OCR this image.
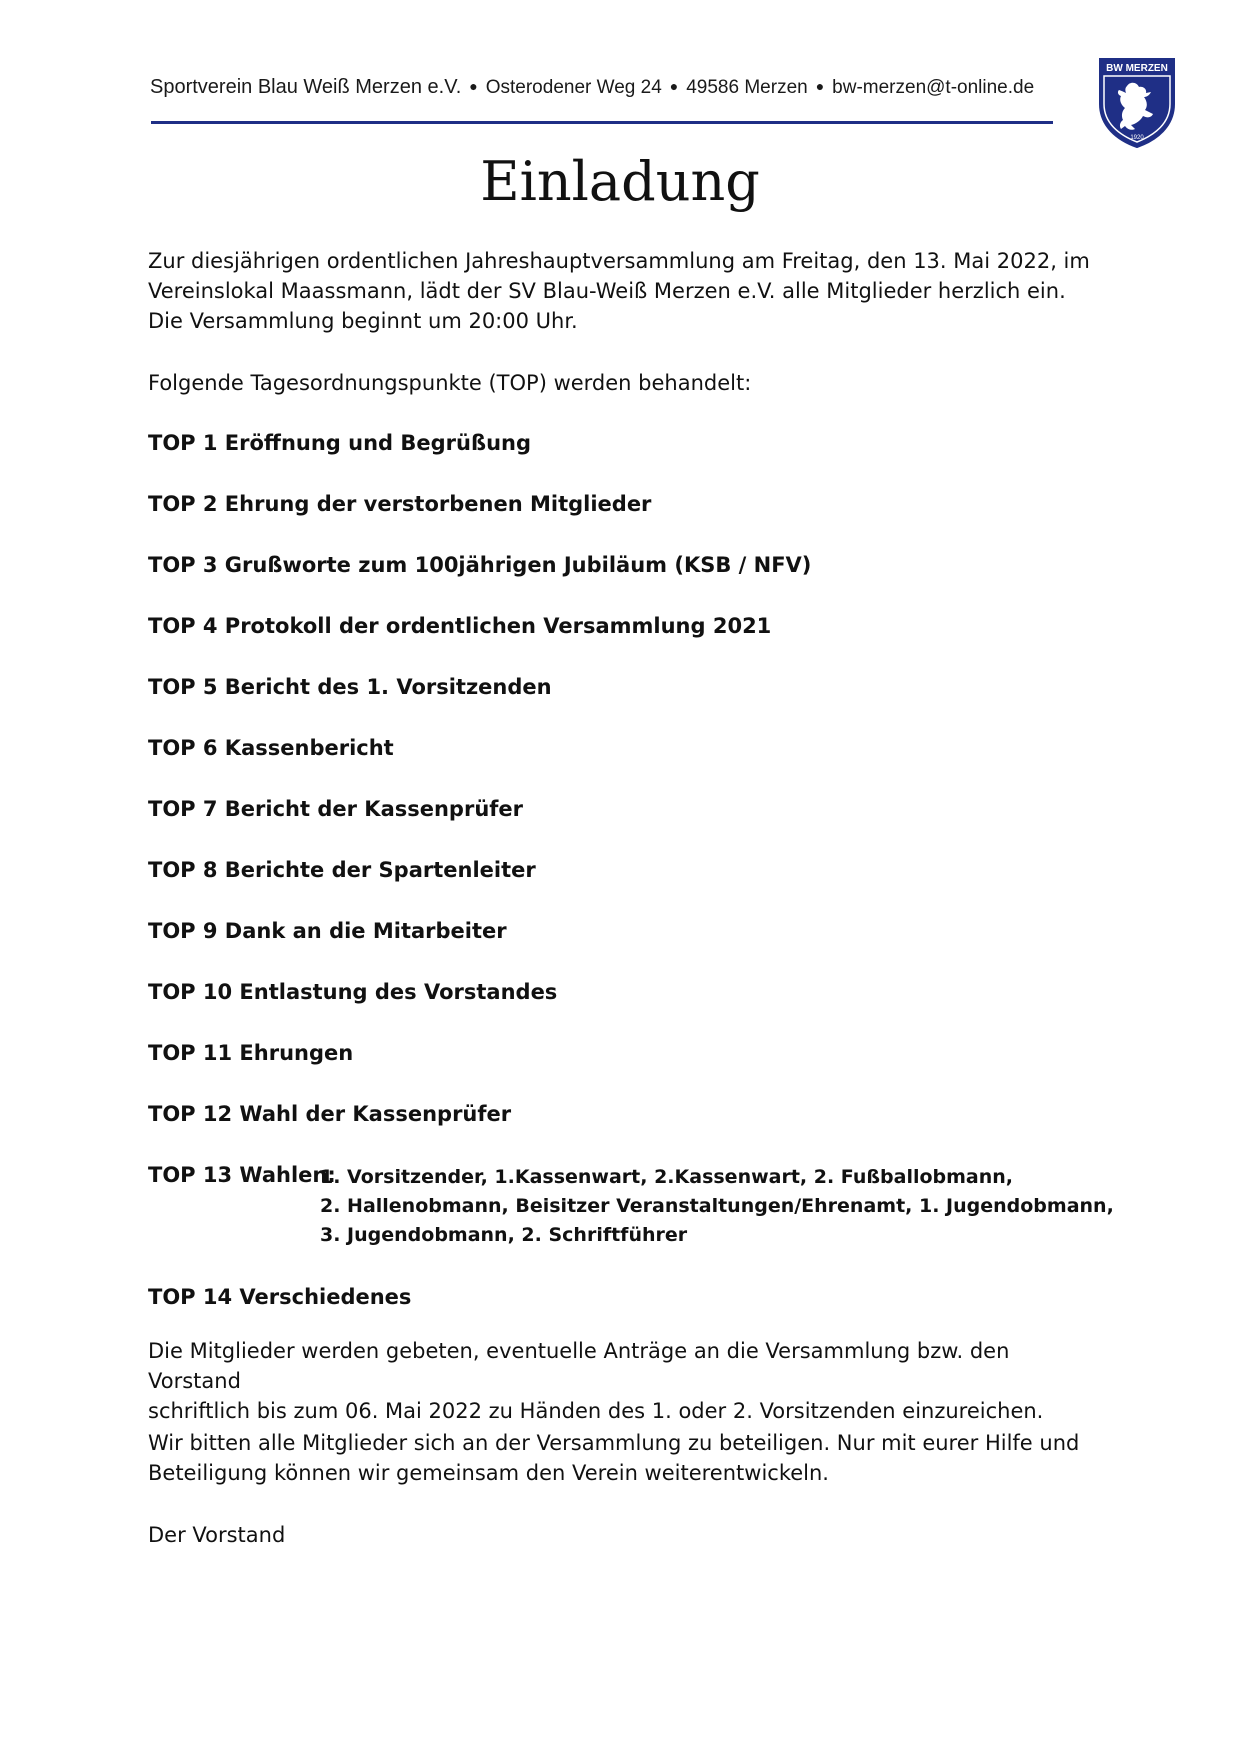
Sportverein Blau Weiß Merzen e.V. ● Osterodener Weg 24 ● 49586 Merzen ● bw-merzen@t-online.de
BW MERZEN
1920
Einladung
Zur diesjährigen ordentlichen Jahreshauptversammlung am Freitag, den 13. Mai 2022, im
Vereinslokal Maassmann, lädt der SV Blau-Weiß Merzen e.V. alle Mitglieder herzlich ein.
Die Versammlung beginnt um 20:00 Uhr.
Folgende Tagesordnungspunkte (TOP) werden behandelt:
TOP 1 Eröffnung und Begrüßung
TOP 2 Ehrung der verstorbenen Mitglieder
TOP 3 Grußworte zum 100jährigen Jubiläum (KSB / NFV)
TOP 4 Protokoll der ordentlichen Versammlung 2021
TOP 5 Bericht des 1. Vorsitzenden
TOP 6 Kassenbericht
TOP 7 Bericht der Kassenprüfer
TOP 8 Berichte der Spartenleiter
TOP 9 Dank an die Mitarbeiter
TOP 10 Entlastung des Vorstandes
TOP 11 Ehrungen
TOP 12 Wahl der Kassenprüfer
TOP 13 Wahlen:
1. Vorsitzender, 1.Kassenwart, 2.Kassenwart, 2. Fußballobmann,
2. Hallenobmann, Beisitzer Veranstaltungen/Ehrenamt, 1. Jugendobmann,
3. Jugendobmann, 2. Schriftführer
TOP 14 Verschiedenes
Die Mitglieder werden gebeten, eventuelle Anträge an die Versammlung bzw. den Vorstand
schriftlich bis zum 06. Mai 2022 zu Händen des 1. oder 2. Vorsitzenden einzureichen.
Wir bitten alle Mitglieder sich an der Versammlung zu beteiligen. Nur mit eurer Hilfe und
Beteiligung können wir gemeinsam den Verein weiterentwickeln.
Der Vorstand
